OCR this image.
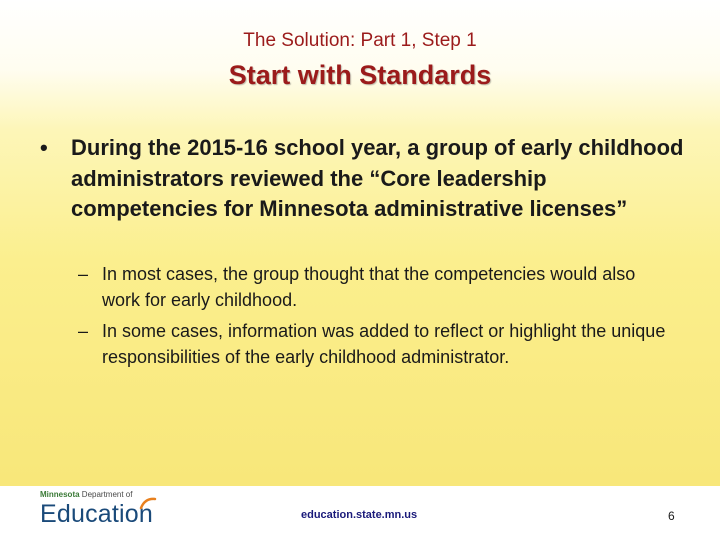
The Solution: Part 1, Step 1
Start with Standards
• During the 2015-16 school year, a group of early childhood administrators reviewed the “Core leadership competencies for Minnesota administrative licenses”
– In most cases, the group thought that the competencies would also work for early childhood.
– In some cases, information was added to reflect or highlight the unique responsibilities of the early childhood administrator.
Minnesota Department of
Education	education.state.mn.us	6
